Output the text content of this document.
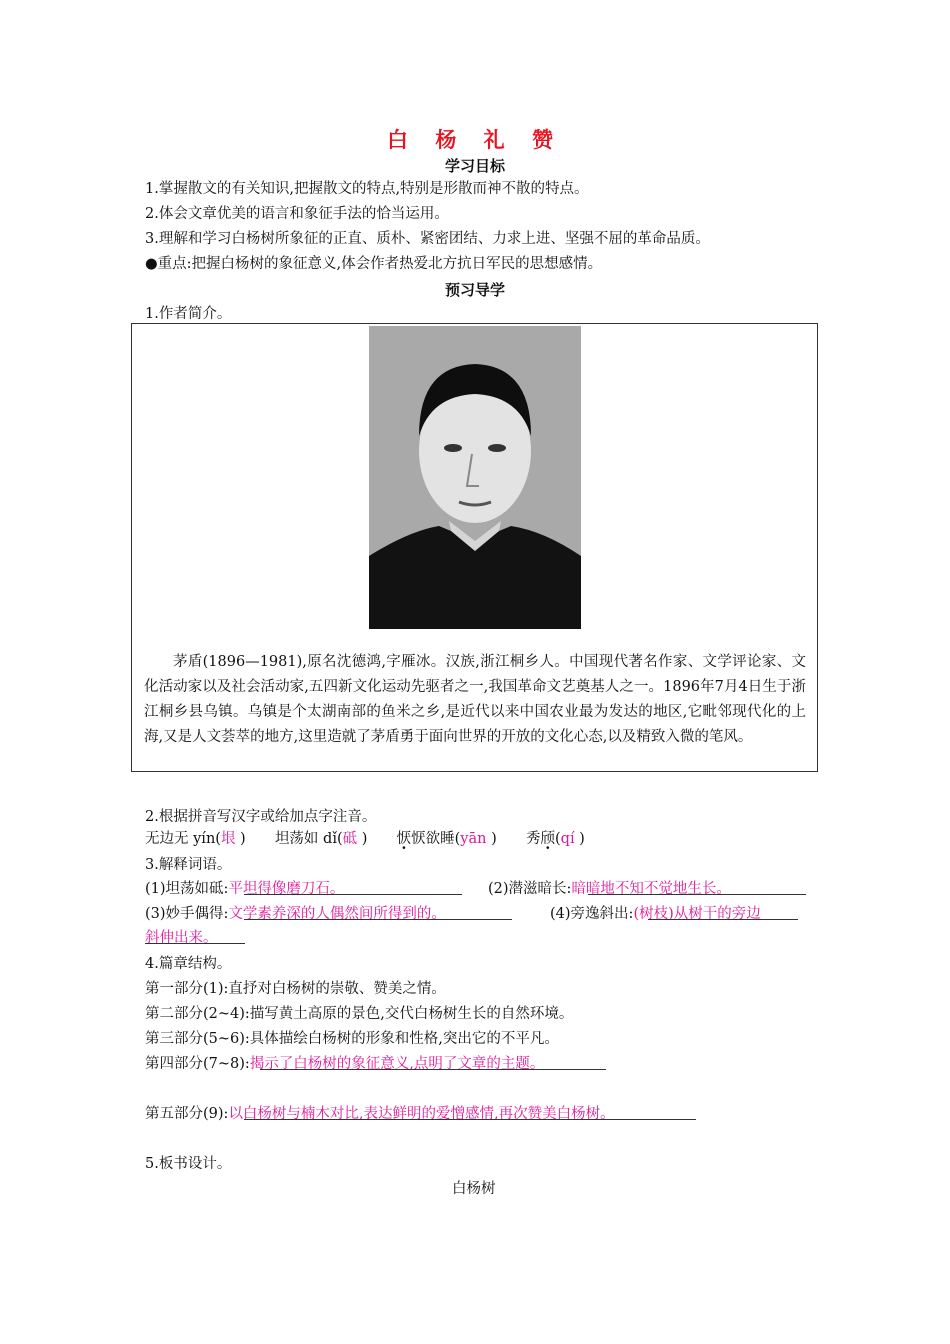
白 杨 礼 赞
学习目标
1.掌握散文的有关知识,把握散文的特点,特别是形散而神不散的特点。
2.体会文章优美的语言和象征手法的恰当运用。
3.理解和学习白杨树所象征的正直、质朴、紧密团结、力求上进、坚强不屈的革命品质。
●重点:把握白杨树的象征意义,体会作者热爱北方抗日军民的思想感情。
预习导学
1.作者简介。
茅盾(1896—1981),原名沈德鸿,字雁冰。汉族,浙江桐乡人。中国现代著名作家、文学评论家、文化活动家以及社会活动家,五四新文化运动先驱者之一,我国革命文艺奠基人之一。1896年7月4日生于浙江桐乡县乌镇。乌镇是个太湖南部的鱼米之乡,是近代以来中国农业最为发达的地区,它毗邻现代化的上海,又是人文荟萃的地方,这里造就了茅盾勇于面向世界的开放的文化心态,以及精致入微的笔风。
2.根据拼音写汉字或给加点字注音。
无边无 yín(垠 ) 坦荡如 dǐ(砥 ) 恹恹欲睡(yān ) 秀颀(qí )
3.解释词语。
(1)坦荡如砥:平坦得像磨刀石。	(2)潜滋暗长:暗暗地不知不觉地生长。
(3)妙手偶得:文学素养深的人偶然间所得到的。	(4)旁逸斜出:(树枝)从树干的旁边
斜伸出来。
4.篇章结构。
第一部分(1):直抒对白杨树的崇敬、赞美之情。
第二部分(2~4):描写黄土高原的景色,交代白杨树生长的自然环境。
第三部分(5~6):具体描绘白杨树的形象和性格,突出它的不平凡。
第四部分(7~8):揭示了白杨树的象征意义,点明了文章的主题。
第五部分(9):以白杨树与楠木对比,表达鲜明的爱憎感情,再次赞美白杨树。
5.板书设计。
白杨树
